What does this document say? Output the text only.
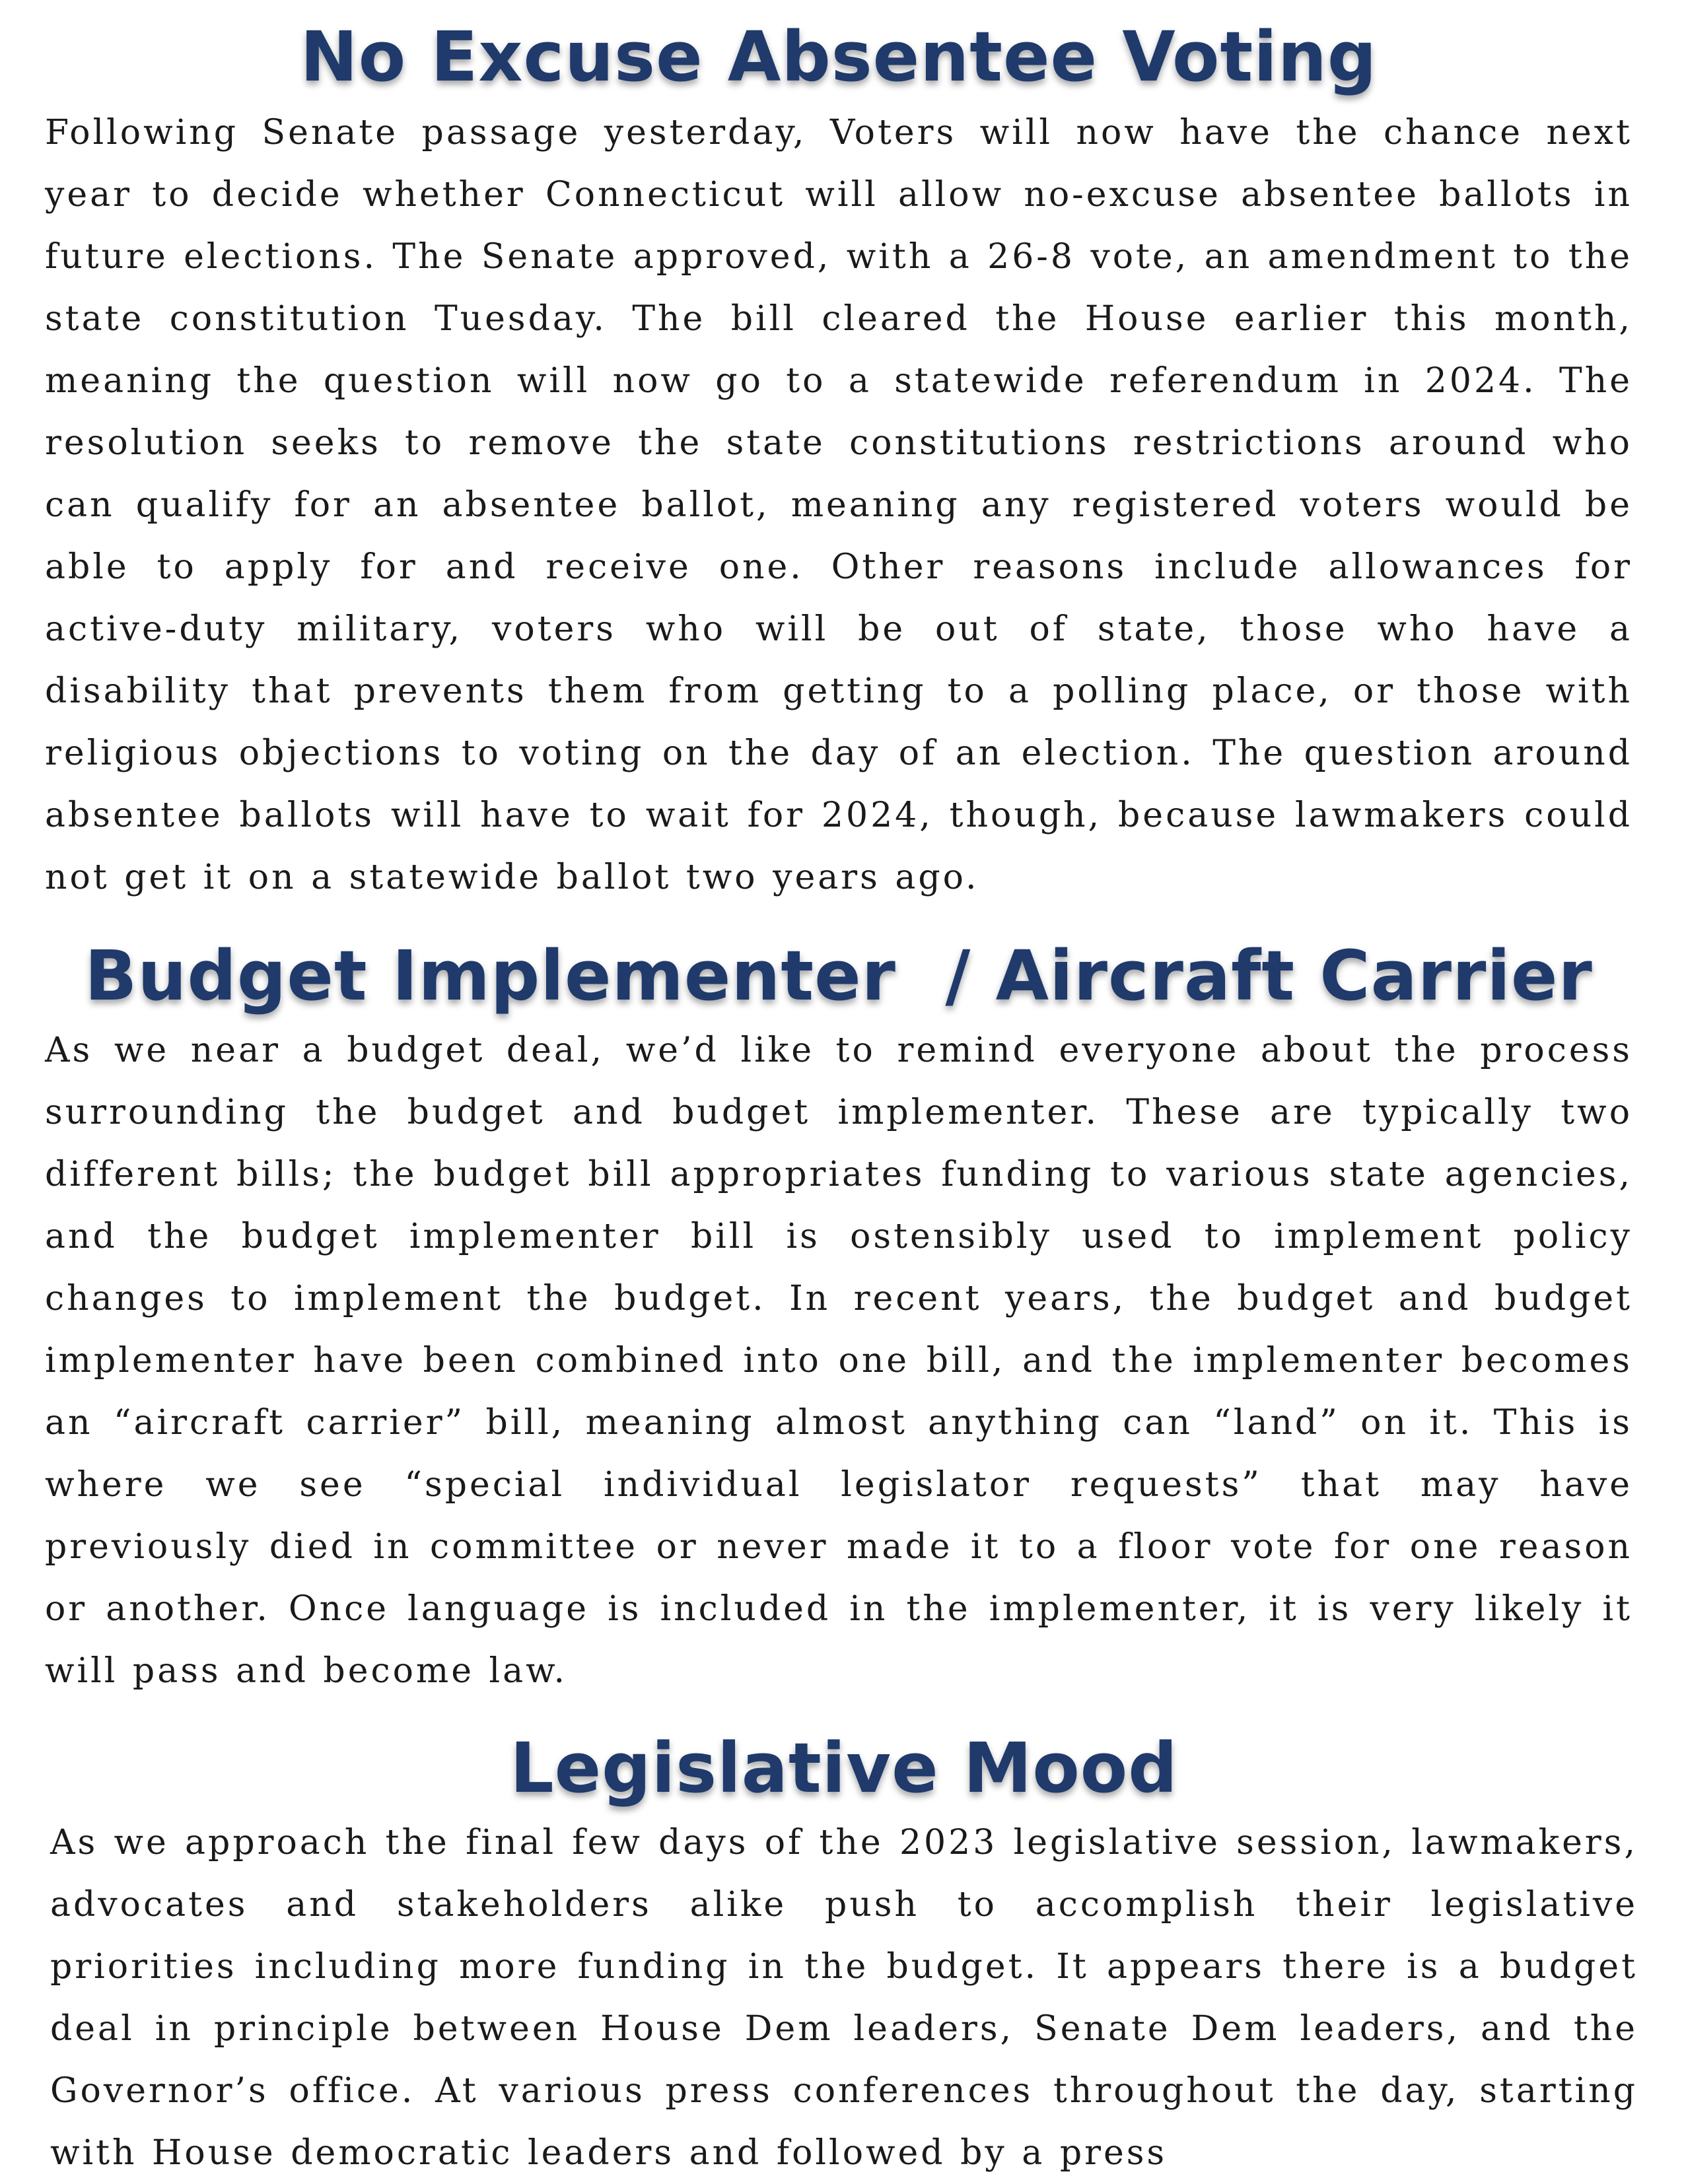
No Excuse Absentee Voting

Following Senate passage yesterday, Voters will now have the chance next year to decide whether Connecticut will allow no-excuse absentee ballots in future elections. The Senate approved, with a 26-8 vote, an amendment to the state constitution Tuesday. The bill cleared the House earlier this month, meaning the question will now go to a statewide referendum in 2024. The resolution seeks to remove the state constitutions restrictions around who can qualify for an absentee ballot, meaning any registered voters would be able to apply for and receive one. Other reasons include allowances for active-duty military, voters who will be out of state, those who have a disability that prevents them from getting to a polling place, or those with religious objections to voting on the day of an election. The question around absentee ballots will have to wait for 2024, though, because lawmakers could not get it on a statewide ballot two years ago.

Budget Implementer  / Aircraft Carrier

As we near a budget deal, we’d like to remind everyone about the process surrounding the budget and budget implementer. These are typically two different bills; the budget bill appropriates funding to various state agencies, and the budget implementer bill is ostensibly used to implement policy changes to implement the budget. In recent years, the budget and budget implementer have been combined into one bill, and the implementer becomes an “aircraft carrier” bill, meaning almost anything can “land” on it. This is where we see “special individual legislator requests” that may have previously died in committee or never made it to a floor vote for one reason or another. Once language is included in the implementer, it is very likely it will pass and become law.

Legislative Mood

As we approach the final few days of the 2023 legislative session, lawmakers, advocates and stakeholders alike push to accomplish their legislative priorities including more funding in the budget. It appears there is a budget deal in principle between House Dem leaders, Senate Dem leaders, and the Governor’s office. At various press conferences throughout the day, starting with House democratic leaders and followed by a press
